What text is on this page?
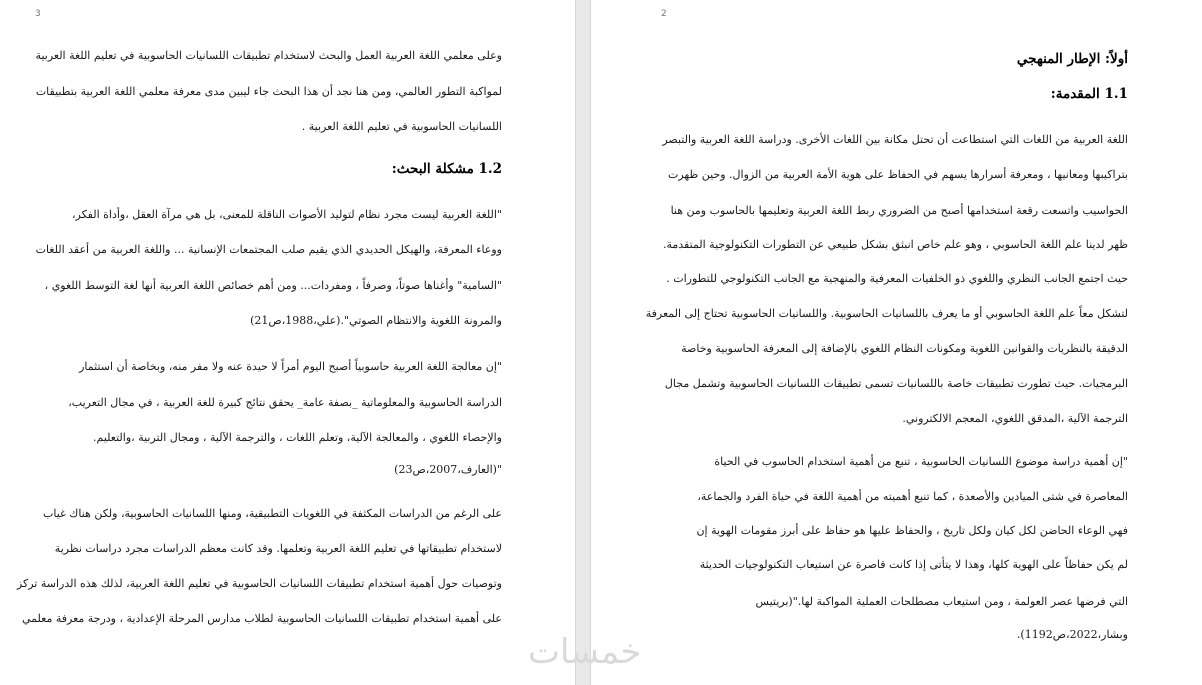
3
وعلى معلمي اللغة العربية العمل والبحث لاستخدام تطبيقات اللسانيات الحاسوبية في تعليم اللغة العربية
لمواكبة التطور العالمي، ومن هنا نجد أن هذا البحث جاء ليبين مدى معرفة معلمي اللغة العربية بتطبيقات
اللسانيات الحاسوبية في تعليم اللغة العربية .
1.2 مشكلة البحث:
"اللغة العربية ليست مجرد نظام لتوليد الأصوات الناقلة للمعنى، بل هي مرآة العقل ،وأداة الفكر،
ووعاء المعرفة، والهيكل الحديدي الذي يقيم صلب المجتمعات الإنسانية ... واللغة العربية من أعقد اللغات
"السامية" وأغناها صوتاً، وصرفاً ، ومفردات... ومن أهم خصائص اللغة العربية أنها لغة التوسط اللغوي ،
والمرونة اللغوية والانتظام الصوتي".(علي،1988،ص21)
"إن معالجة اللغة العربية حاسوبياً أصبح اليوم أمراً لا حيدة عنه ولا مفر منه، وبخاصة أن استثمار
الدراسة الحاسوبية والمعلوماتية _بصفة عامة_ يحقق نتائج كبيرة للغة العربية ، في مجال التعريب،
والإحصاء اللغوي ، والمعالجة الآلية، وتعلم اللغات ، والترجمة الآلية ، ومجال التربية ،والتعليم.
"(العارف،2007،ص23)
على الرغم من الدراسات المكثفة في اللغويات التطبيقية، ومنها اللسانيات الحاسوبية، ولكن هناك غياب
لاستخدام تطبيقاتها في تعليم اللغة العربية وتعلمها. وقد كانت معظم الدراسات مجرد دراسات نظرية
وتوصيات حول أهمية استخدام تطبيقات اللسانيات الحاسوبية في تعليم اللغة العربية، لذلك هذه الدراسة تركز
على أهمية استخدام تطبيقات اللسانيات الحاسوبية لطلاب مدارس المرحلة الإعدادية ، ودرجة معرفة معلمي
2
أولاً: الإطار المنهجي
1.1 المقدمة:
اللغة العربية من اللغات التي استطاعت أن تحتل مكانة بين اللغات الأخرى. ودراسة اللغة العربية والتبصر
بتراكيبها ومعانيها ، ومعرفة أسرارها يسهم في الحفاظ على هوية الأمة العربية من الزوال. وحين ظهرت
الحواسيب واتسعت رقعة استخدامها أصبح من الضروري ربط اللغة العربية وتعليمها بالحاسوب ومن هنا
ظهر لدينا علم اللغة الحاسوبي ، وهو علم خاص انبثق بشكل طبيعي عن التطورات التكنولوجية المتقدمة.
حيث اجتمع الجانب النظري واللغوي ذو الخلفيات المعرفية والمنهجية مع الجانب التكنولوجي للتطورات .
لتشكل معاً علم اللغة الحاسوبي أو ما يعرف باللسانيات الحاسوبية. واللسانيات الحاسوبية تحتاج إلى المعرفة
الدقيقة بالنظريات والقوانين اللغوية ومكونات النظام اللغوي بالإضافة إلى المعرفة الحاسوبية وخاصة
البرمجيات. حيث تطورت تطبيقات خاصة باللسانيات تسمى تطبيقات اللسانيات الحاسوبية وتشمل مجال
الترجمة الآلية ،المدقق اللغوي، المعجم الالكتروني.
"إن أهمية دراسة موضوع اللسانيات الحاسوبية ، تنبع من أهمية استخدام الحاسوب في الحياة
المعاصرة في شتى الميادين والأصعدة ، كما تنبع أهميته من أهمية اللغة في حياة الفرد والجماعة،
فهي الوعاء الحاضن لكل كيان ولكل تاريخ ، والحفاظ عليها هو حفاظ على أبرز مقومات الهوية إن
لم يكن حفاظاً على الهوية كلها، وهذا لا يتأتى إذا كانت قاصرة عن استيعاب التكنولوجيات الحديثة
التي فرضها عصر العولمة ، ومن استيعاب مصطلحات العملية المواكبة لها."(بريتيس
وبشار،2022،ص1192).
خمسات
